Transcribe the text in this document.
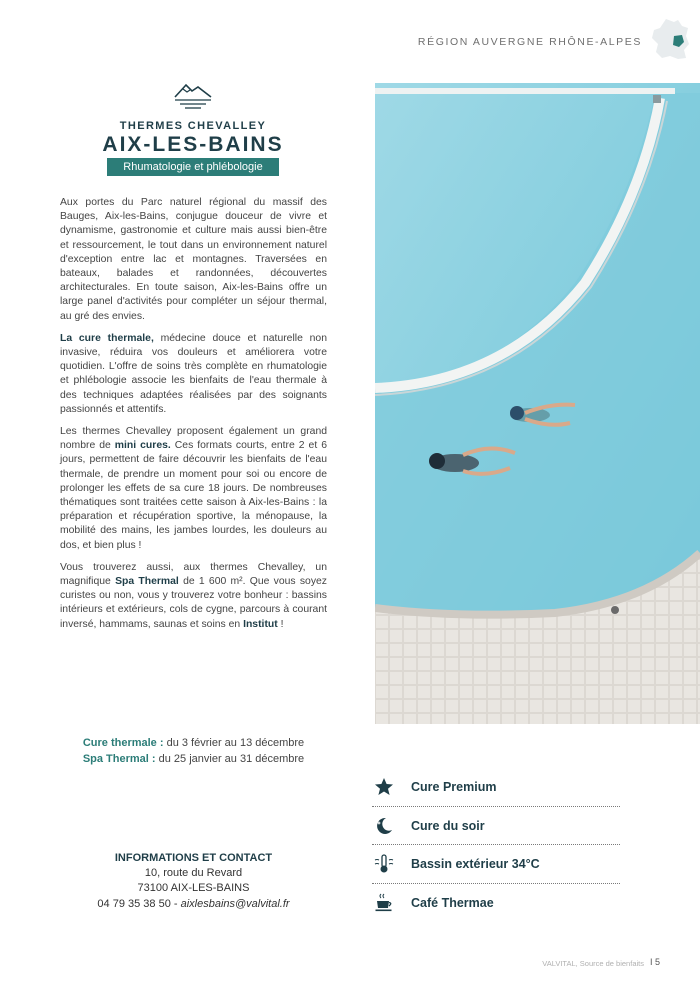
RÉGION AUVERGNE RHÔNE-ALPES
THERMES CHEVALLEY
AIX-LES-BAINS
Rhumatologie et phlébologie

Aux portes du Parc naturel régional du massif des Bauges, Aix-les-Bains, conjugue douceur de vivre et dynamisme, gastronomie et culture mais aussi bien-être et ressourcement, le tout dans un environnement naturel d'exception entre lac et montagnes. Traversées en bateaux, balades et randonnées, découvertes architecturales. En toute saison, Aix-les-Bains offre un large panel d'activités pour compléter un séjour thermal, au gré des envies.

La cure thermale, médecine douce et naturelle non invasive, réduira vos douleurs et améliorera votre quotidien. L'offre de soins très complète en rhumatologie et phlébologie associe les bienfaits de l'eau thermale à des techniques adaptées réalisées par des soignants passionnés et attentifs.

Les thermes Chevalley proposent également un grand nombre de mini cures. Ces formats courts, entre 2 et 6 jours, permettent de faire découvrir les bienfaits de l'eau thermale, de prendre un moment pour soi ou encore de prolonger les effets de sa cure 18 jours. De nombreuses thématiques sont traitées cette saison à Aix-les-Bains : la préparation et récupération sportive, la ménopause, la mobilité des mains, les jambes lourdes, les douleurs au dos, et bien plus !

Vous trouverez aussi, aux thermes Chevalley, un magnifique Spa Thermal de 1 600 m². Que vous soyez curistes ou non, vous y trouverez votre bonheur : bassins intérieurs et extérieurs, cols de cygne, parcours à courant inversé, hammams, saunas et soins en Institut !

Cure thermale : du 3 février au 13 décembre
Spa Thermal : du 25 janvier au 31 décembre
INFORMATIONS ET CONTACT
10, route du Revard
73100 AIX-LES-BAINS
04 79 35 38 50 - aixlesbains@valvital.fr
Cure Premium
Cure du soir
Bassin extérieur 34°C
Café Thermae
VALVITAL, Source de bienfaits I 5
